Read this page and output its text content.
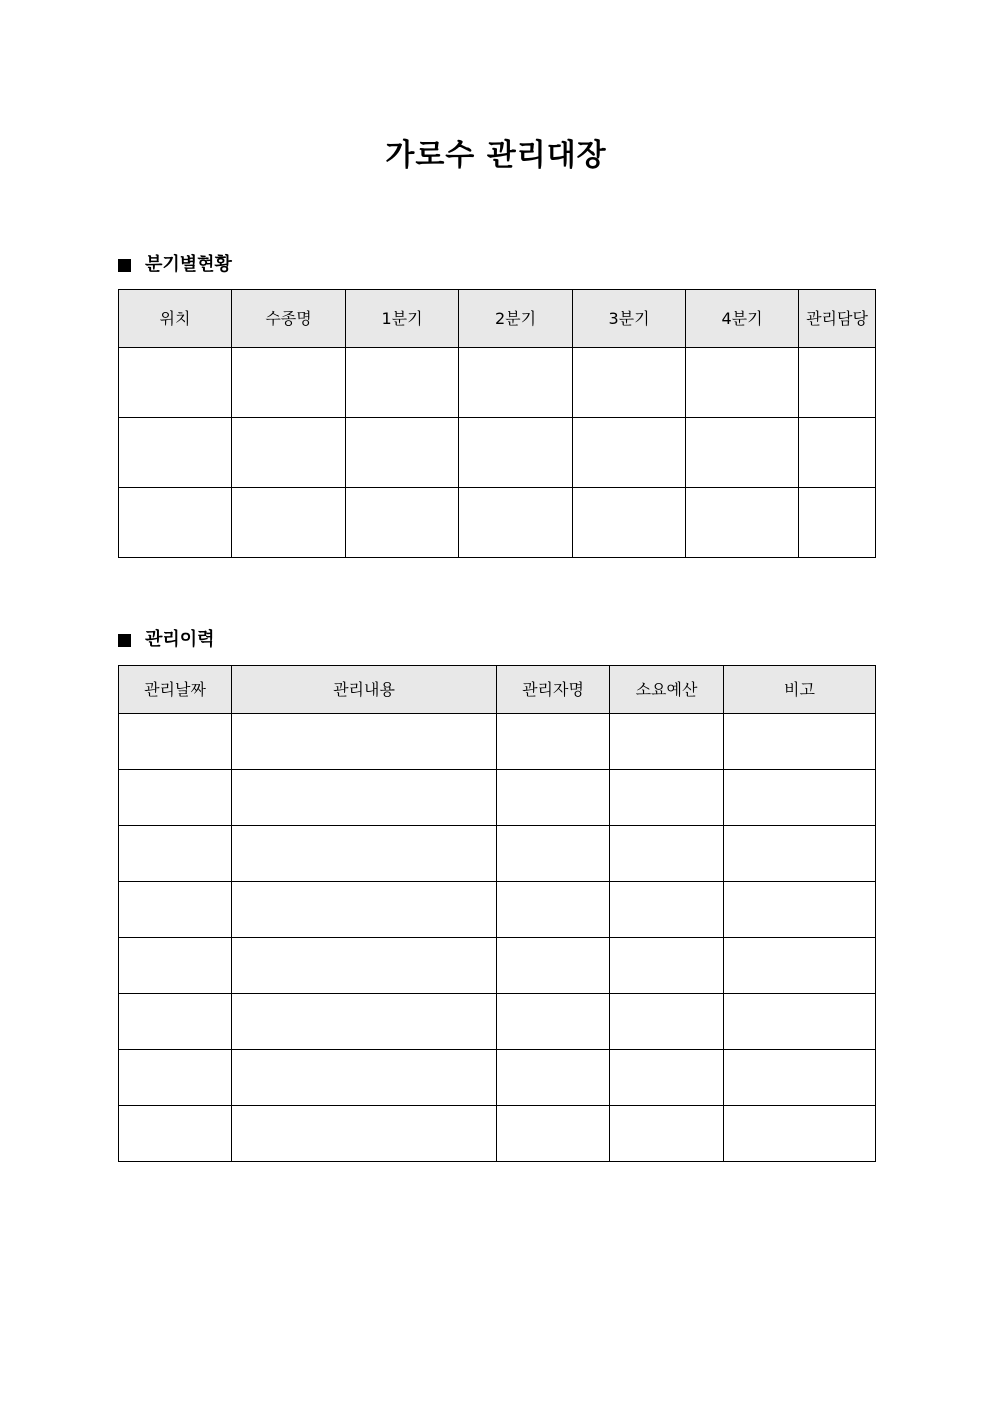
가로수 관리대장
분기별현황
위치	수종명	1분기	2분기	3분기	4분기	관리담당

관리이력
관리날짜	관리내용	관리자명	소요예산	비고
